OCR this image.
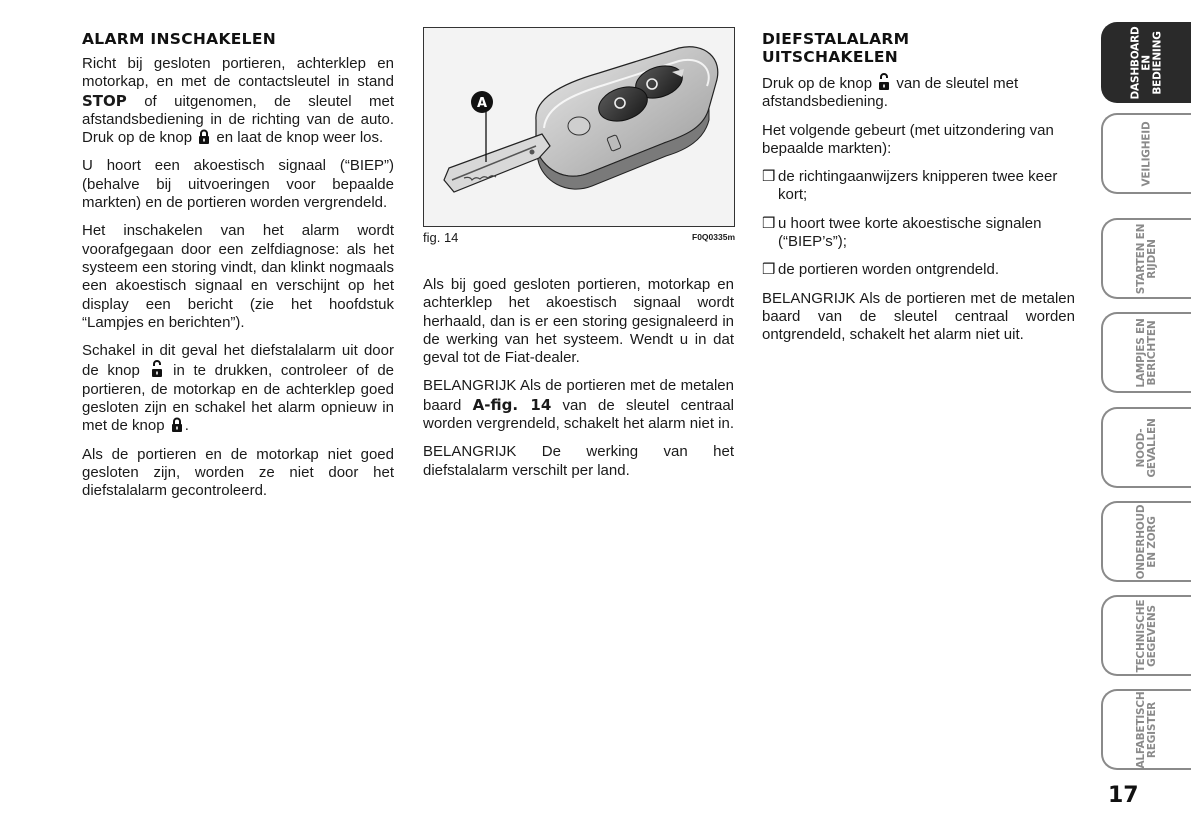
ALARM INSCHAKELEN

Richt bij gesloten portieren, achterklep en motorkap, en met de contactsleutel in stand STOP of uitgenomen, de sleutel met afstandsbediening in de richting van de auto. Druk op de knop  en laat de knop weer los.

U hoort een akoestisch signaal (“BIEP”) (behalve bij uitvoeringen voor bepaalde markten) en de portieren worden vergrendeld.

Het inschakelen van het alarm wordt voorafgegaan door een zelfdiagnose: als het systeem een storing vindt, dan klinkt nogmaals een akoestisch signaal en verschijnt op het display een bericht (zie het hoofdstuk “Lampjes en berichten”).

Schakel in dit geval het diefstalalarm uit door de knop  in te drukken, controleer of de portieren, de motorkap en de achterklep goed gesloten zijn en schakel het alarm opnieuw in met de knop .

Als de portieren en de motorkap niet goed gesloten zijn, worden ze niet door het diefstalalarm gecontroleerd.

A
fig. 14	F0Q0335m

Als bij goed gesloten portieren, motorkap en achterklep het akoestisch signaal wordt herhaald, dan is er een storing gesignaleerd in de werking van het systeem. Wendt u in dat geval tot de Fiat-dealer.

BELANGRIJK Als de portieren met de metalen baard A-fig. 14 van de sleutel centraal worden vergrendeld, schakelt het alarm niet in.

BELANGRIJK De werking van het diefstalalarm verschilt per land.

DIEFSTALALARM
UITSCHAKELEN

Druk op de knop  van de sleutel met afstandsbediening.

Het volgende gebeurt (met uitzondering van bepaalde markten):

❒ de richtingaanwijzers knipperen twee keer kort;
❒ u hoort twee korte akoestische signalen (“BIEP’s”);
❒ de portieren worden ontgrendeld.

BELANGRIJK Als de portieren met de metalen baard van de sleutel centraal worden ontgrendeld, schakelt het alarm niet uit.

DASHBOARD
EN BEDIENING
VEILIGHEID
STARTEN EN
RIJDEN
LAMPJES EN
BERICHTEN
NOOD-
GEVALLEN
ONDERHOUD
EN ZORG
TECHNISCHE
GEGEVENS
ALFABETISCH
REGISTER
17
